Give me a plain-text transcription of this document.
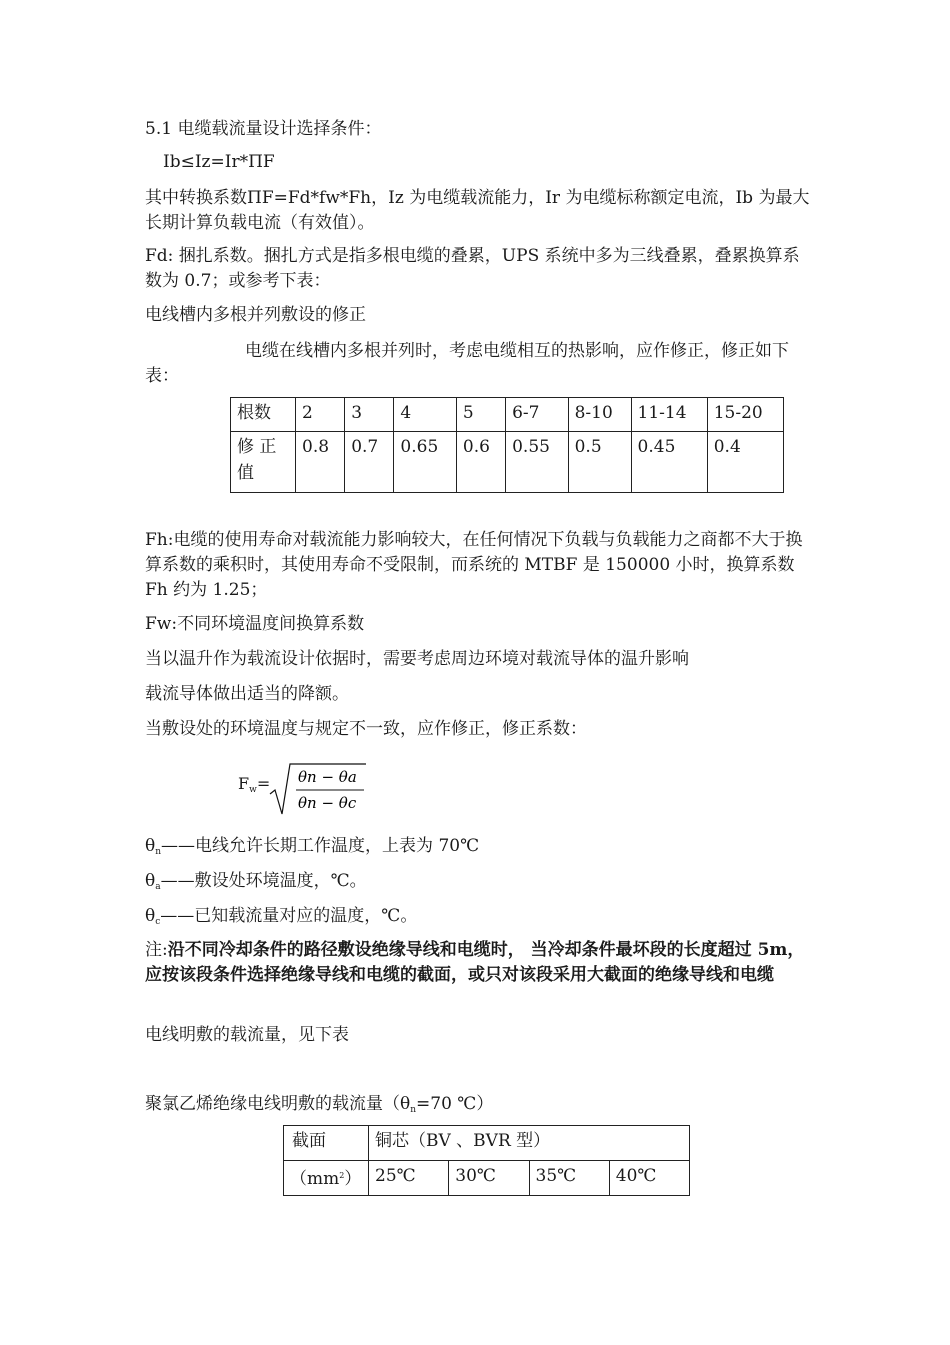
5.1 电缆载流量设计选择条件：

Ib≤Iz=Ir*ΠF

其中转换系数ΠF=Fd*fw*Fh，Iz 为电缆载流能力，Ir 为电缆标称额定电流，Ib 为最大长期计算负载电流（有效值）。

Fd: 捆扎系数。捆扎方式是指多根电缆的叠累，UPS 系统中多为三线叠累，叠累换算系数为 0.7；或参考下表：

电线槽内多根并列敷设的修正

电缆在线槽内多根并列时，考虑电缆相互的热影响，应作修正，修正如下表：

根数	2	3	4	5	6-7	8-10	11-14	15-20

修 正
值	0.8	0.7	0.65	0.6	0.55	0.5	0.45	0.4

Fh:电缆的使用寿命对载流能力影响较大，在任何情况下负载与负载能力之商都不大于换算系数的乘积时，其使用寿命不受限制，而系统的 MTBF 是 150000 小时，换算系数 Fh 约为 1.25；

Fw:不同环境温度间换算系数

当以温升作为载流设计依据时，需要考虑周边环境对载流导体的温升影响

载流导体做出适当的降额。

当敷设处的环境温度与规定不一致，应作修正，修正系数：

$F_w= \theta n - \theta a$
θn − θc

$\theta_n——$电线允许长期工作温度，上表为 70℃

$\theta_a——$敷设处环境温度，℃。

$\theta_c——$已知载流量对应的温度，℃。

注:沿不同冷却条件的路径敷设绝缘导线和电缆时， 当冷却条件最坏段的长度超过 5m，应按该段条件选择绝缘导线和电缆的截面，或只对该段采用大截面的绝缘导线和电缆

电线明敷的载流量，见下表

聚氯乙烯绝缘电线明敷的载流量（$\theta_n=70$ ℃）

截面	铜芯（BV 、BVR 型）			
$(mm^2)$	25℃	30℃	35℃	40℃
